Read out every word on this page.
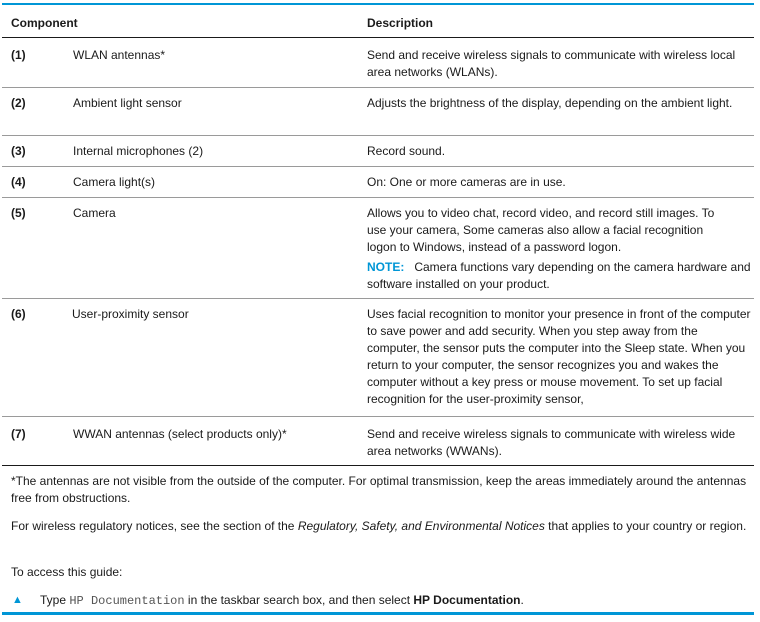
Component	Description
(1)	WLAN antennas*	Send and receive wireless signals to communicate with wireless local area networks (WLANs).
(2)	Ambient light sensor	Adjusts the brightness of the display, depending on the ambient light.
(3)	Internal microphones (2)	Record sound.
(4)	Camera light(s)	On: One or more cameras are in use.
(5)	Camera	Allows you to video chat, record video, and record still images. To use your camera, Some cameras also allow a facial recognition logon to Windows, instead of a password logon.
NOTE: Camera functions vary depending on the camera hardware and software installed on your product.
(6)	User-proximity sensor	Uses facial recognition to monitor your presence in front of the computer to save power and add security. When you step away from the computer, the sensor puts the computer into the Sleep state. When you return to your computer, the sensor recognizes you and wakes the computer without a key press or mouse movement. To set up facial recognition for the user-proximity sensor,
(7)	WWAN antennas (select products only)*	Send and receive wireless signals to communicate with wireless wide area networks (WWANs).
*The antennas are not visible from the outside of the computer. For optimal transmission, keep the areas immediately around the antennas free from obstructions.
For wireless regulatory notices, see the section of the Regulatory, Safety, and Environmental Notices that applies to your country or region.
To access this guide:
▲ Type HP Documentation in the taskbar search box, and then select HP Documentation.
